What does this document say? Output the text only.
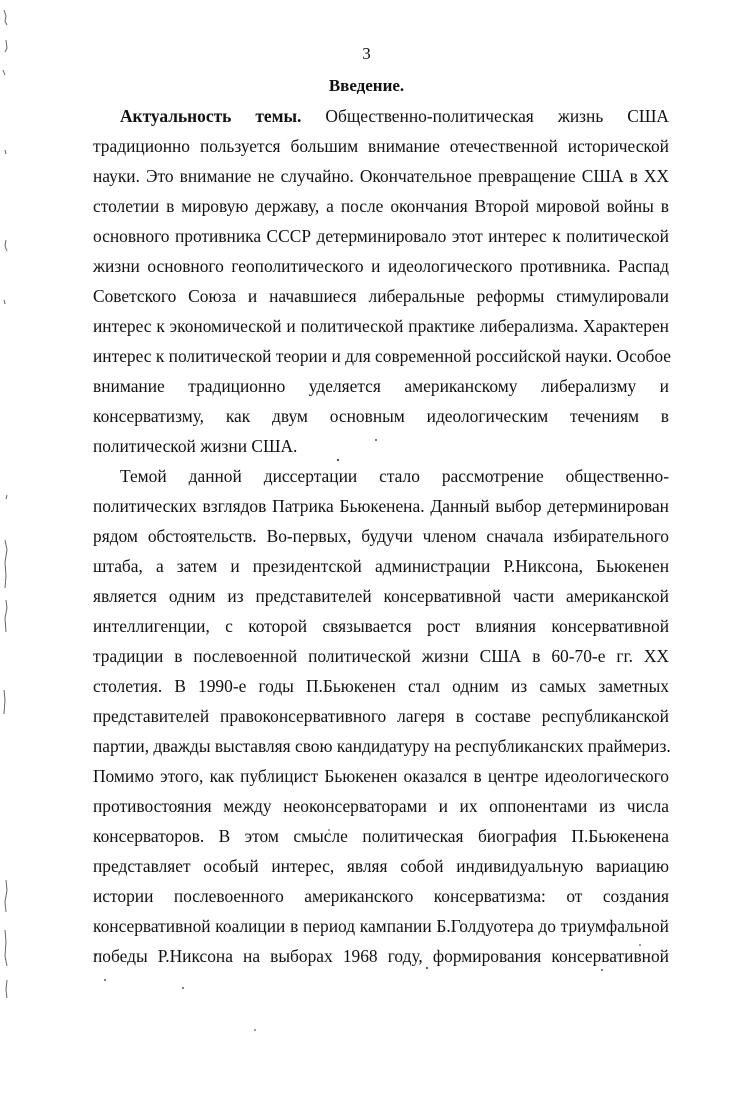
3
Введение.
Актуальность темы. Общественно-политическая жизнь США
традиционно пользуется большим внимание отечественной исторической
науки. Это внимание не случайно. Окончательное превращение США в XX
столетии в мировую державу, а после окончания Второй мировой войны в
основного противника СССР детерминировало этот интерес к политической
жизни основного геополитического и идеологического противника. Распад
Советского Союза и начавшиеся либеральные реформы стимулировали
интерес к экономической и политической практике либерализма. Характерен
интерес к политической теории и для современной российской науки. Особое
внимание традиционно уделяется американскому либерализму и
консерватизму, как двум основным идеологическим течениям в
политической жизни США.
Темой данной диссертации стало рассмотрение общественно-
политических взглядов Патрика Бьюкенена. Данный выбор детерминирован
рядом обстоятельств. Во-первых, будучи членом сначала избирательного
штаба, а затем и президентской администрации Р.Никсона, Бьюкенен
является одним из представителей консервативной части американской
интеллигенции, с которой связывается рост влияния консервативной
традиции в послевоенной политической жизни США в 60-70-е гг. XX
столетия. В 1990-е годы П.Бьюкенен стал одним из самых заметных
представителей правоконсервативного лагеря в составе республиканской
партии, дважды выставляя свою кандидатуру на республиканских праймериз.
Помимо этого, как публицист Бьюкенен оказался в центре идеологического
противостояния между неоконсерваторами и их оппонентами из числа
консерваторов. В этом смысле политическая биография П.Бьюкенена
представляет особый интерес, являя собой индивидуальную вариацию
истории послевоенного американского консерватизма: от создания
консервативной коалиции в период кампании Б.Голдуотера до триумфальной
победы Р.Никсона на выборах 1968 году, формирования консервативной
